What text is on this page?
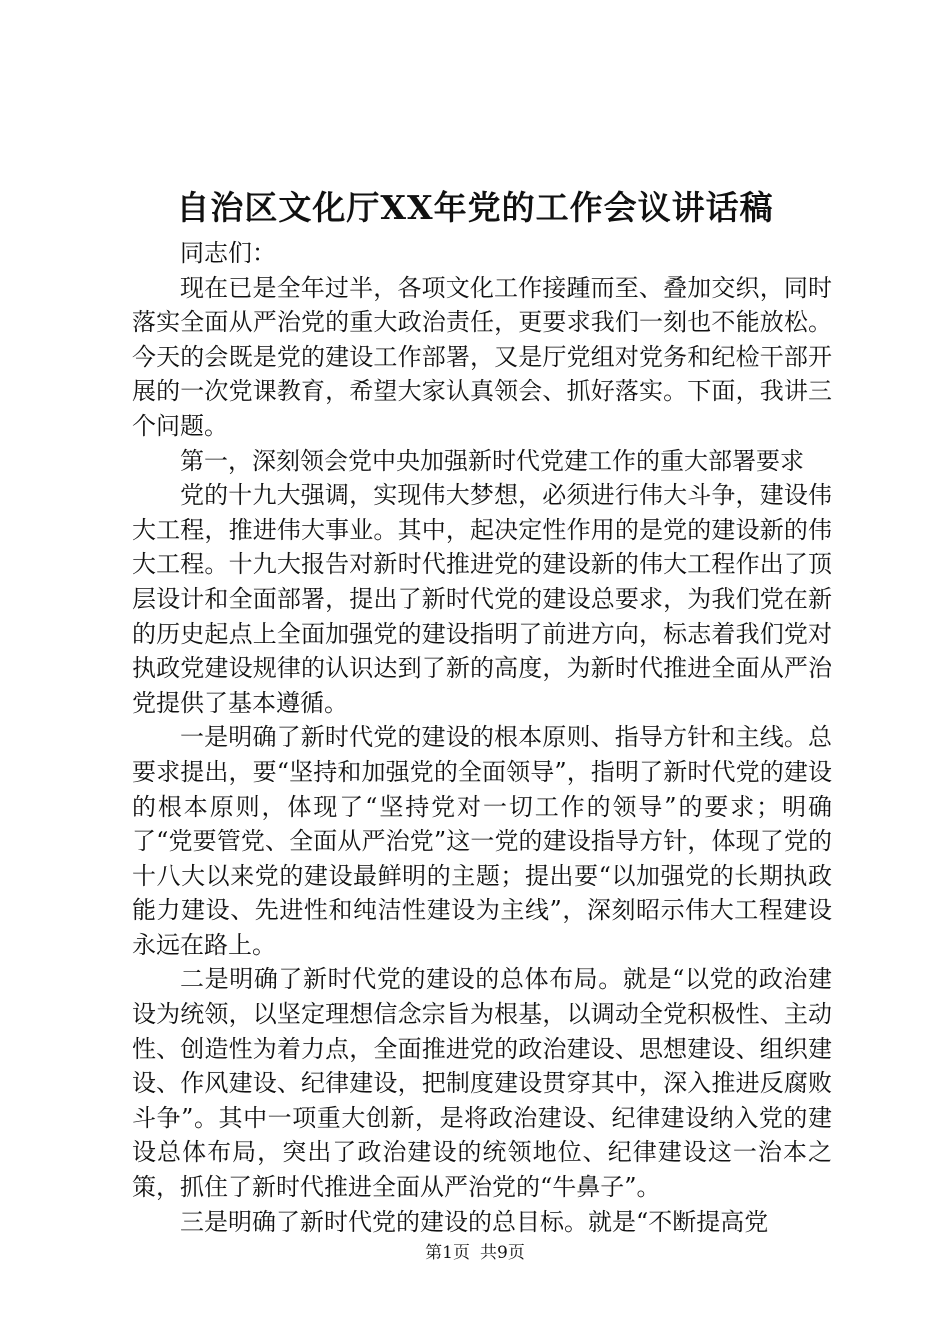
自治区文化厅XX年党的工作会议讲话稿

同志们：

现在已是全年过半，各项文化工作接踵而至、叠加交织，同时落实全面从严治党的重大政治责任，更要求我们一刻也不能放松。今天的会既是党的建设工作部署，又是厅党组对党务和纪检干部开展的一次党课教育，希望大家认真领会、抓好落实。下面，我讲三个问题。

第一，深刻领会党中央加强新时代党建工作的重大部署要求

党的十九大强调，实现伟大梦想，必须进行伟大斗争，建设伟大工程，推进伟大事业。其中，起决定性作用的是党的建设新的伟大工程。十九大报告对新时代推进党的建设新的伟大工程作出了顶层设计和全面部署，提出了新时代党的建设总要求，为我们党在新的历史起点上全面加强党的建设指明了前进方向，标志着我们党对执政党建设规律的认识达到了新的高度，为新时代推进全面从严治党提供了基本遵循。

一是明确了新时代党的建设的根本原则、指导方针和主线。总要求提出，要“坚持和加强党的全面领导”，指明了新时代党的建设的根本原则，体现了“坚持党对一切工作的领导”的要求；明确了“党要管党、全面从严治党”这一党的建设指导方针，体现了党的十八大以来党的建设最鲜明的主题；提出要“以加强党的长期执政能力建设、先进性和纯洁性建设为主线”，深刻昭示伟大工程建设永远在路上。

二是明确了新时代党的建设的总体布局。就是“以党的政治建设为统领，以坚定理想信念宗旨为根基，以调动全党积极性、主动性、创造性为着力点，全面推进党的政治建设、思想建设、组织建设、作风建设、纪律建设，把制度建设贯穿其中，深入推进反腐败斗争”。其中一项重大创新，是将政治建设、纪律建设纳入党的建设总体布局，突出了政治建设的统领地位、纪律建设这一治本之策，抓住了新时代推进全面从严治党的“牛鼻子”。

三是明确了新时代党的建设的总目标。就是“不断提高党

第1页 共9页
